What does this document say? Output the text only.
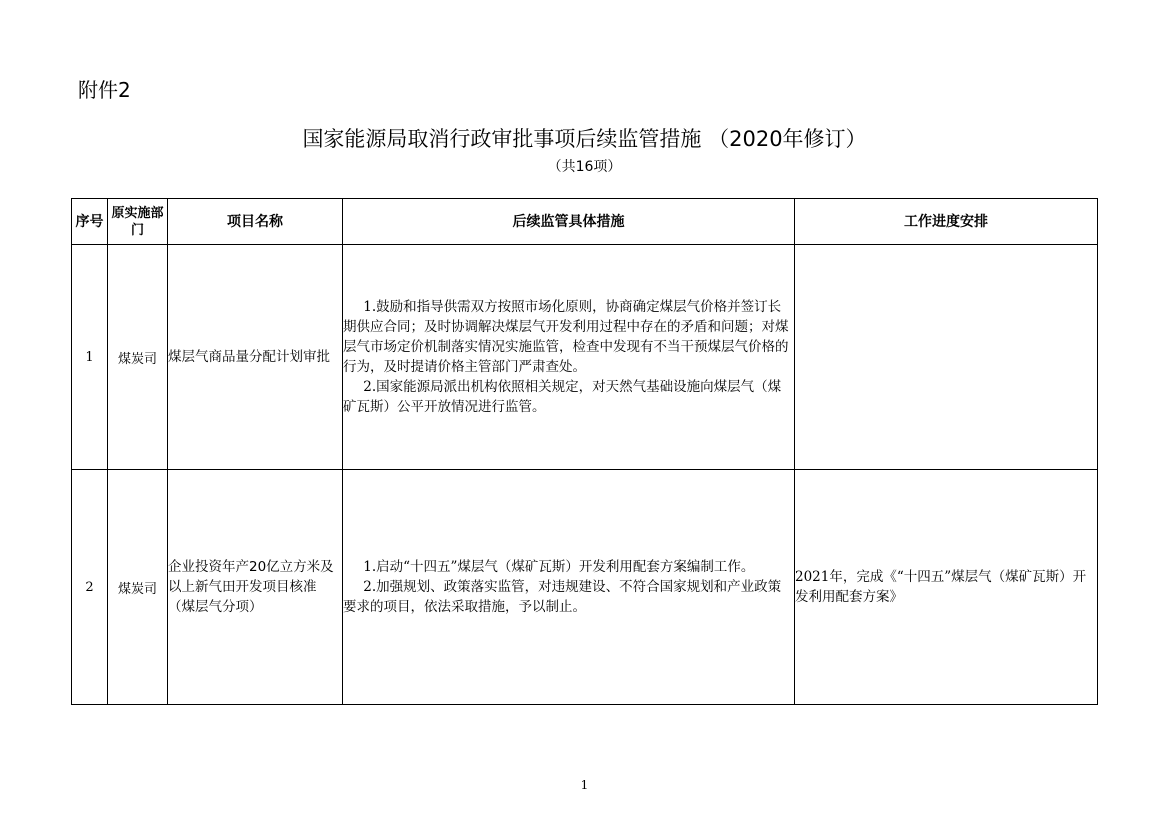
附件2
国家能源局取消行政审批事项后续监管措施 （2020年修订）
（共16项）
序号	原实施部门	项目名称	后续监管具体措施	工作进度安排
1	煤炭司	煤层气商品量分配计划审批	1.鼓励和指导供需双方按照市场化原则，协商确定煤层气价格并签订长期供应合同；及时协调解决煤层气开发利用过程中存在的矛盾和问题；对煤层气市场定价机制落实情况实施监管，检查中发现有不当干预煤层气价格的行为，及时提请价格主管部门严肃查处。

2.国家能源局派出机构依照相关规定，对天然气基础设施向煤层气（煤矿瓦斯）公平开放情况进行监管。	

2	煤炭司	企业投资年产20亿立方米及以上新气田开发项目核准（煤层气分项）	1.启动“十四五”煤层气（煤矿瓦斯）开发利用配套方案编制工作。

2.加强规划、政策落实监管，对违规建设、不符合国家规划和产业政策要求的项目，依法采取措施，予以制止。	2021年，完成《“十四五”煤层气（煤矿瓦斯）开发利用配套方案》
1
